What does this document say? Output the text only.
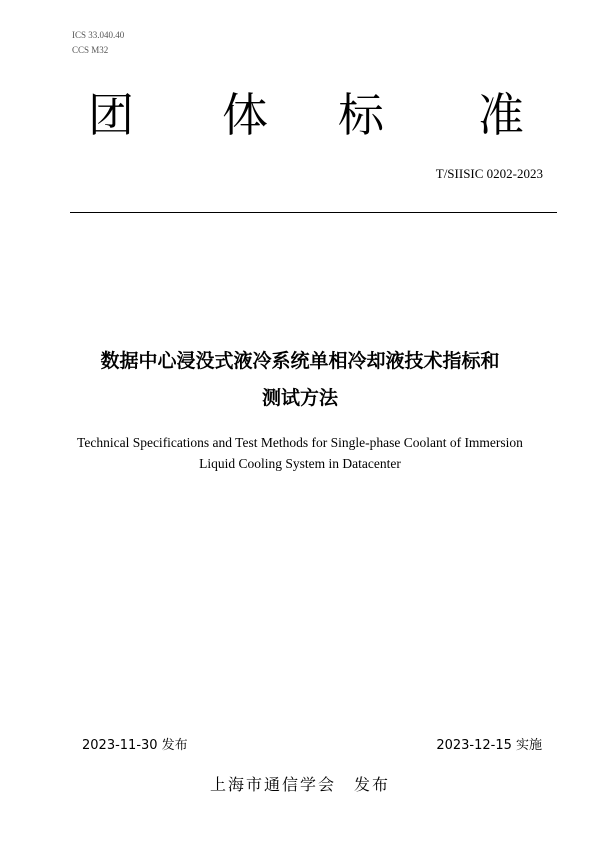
ICS 33.040.40
CCS M32
团 体 标 准
T/SIISIC 0202-2023
数据中心浸没式液冷系统单相冷却液技术指标和
测试方法
Technical Specifications and Test Methods for Single-phase Coolant of Immersion
Liquid Cooling System in Datacenter
2023-11-30 发布	2023-12-15 实施
上海市通信学会　发布
